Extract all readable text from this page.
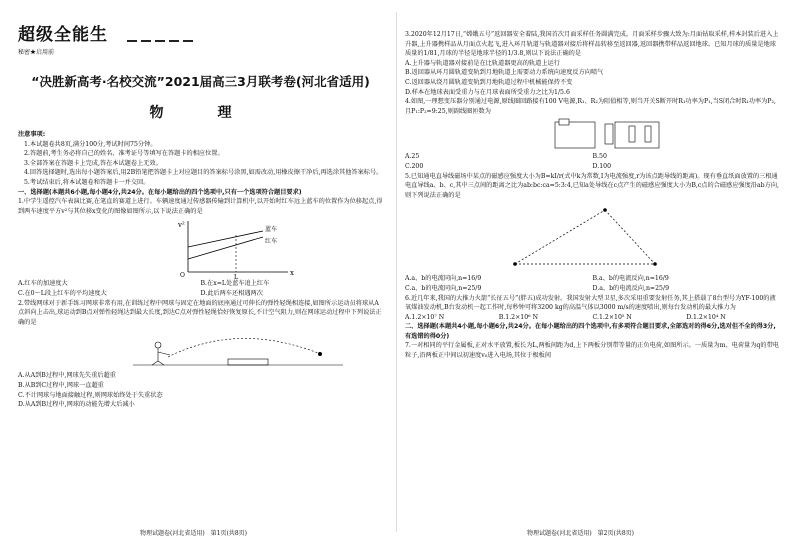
超级全能生
秘密★启用前
“决胜新高考·名校交流”2021届高三3月联考卷(河北省适用)
物　理

注意事项:

1.本试题卷共8页,满分100分,考试时间75分钟。

2.答题前,考生务必将自己的姓名、准考证号等填写在答题卡的相应位置。

3.全部答案在答题卡上完成,答在本试题卷上无效。

4.回答选择题时,选出每小题答案后,用2B铅笔把答题卡上对应题目的答案标号涂黑,如需改动,用橡皮擦干净后,再选涂其他答案标号。

5.考试结束后,将本试题卷和答题卡一并交回。

一、选择题(本题共6小题,每小题4分,共24分。在每小题给出的四个选项中,只有一个选项符合题目要求)

1.中学生遥控汽车表演比赛,在笔直的赛道上进行。车辆速度通过传感器传输到计算机中,以开始时红车远上蓝车的位置作为位移起点,得到两车速度平方v²与其位移x变化的图像如图所示,以下说法正确的是

v²
x
O	L
蓝车
红车

A.红车的加速度大	B.在x=L处蓝车追上红车

C.在0～L段上红车的平均速度大	D.此后两车还相遇两次

2.带线网球对于新手练习网球非常有用,在训练过程中网球与固定在地面的底座通过可伸长的弹性轻绳相连接,如图所示运动员将球从A点斜向上击出,球运动到B点对弹性轻绳达到最大长度,到达C点对弹性轻绳恰好恢复原长,不计空气阻力,则在网球运动过程中下列说法正确的是

A.从A到B过程中,网球先失重后超重

B.从B到C过程中,网球一直超重

C.不计网球与地面接触过程,则网球始终处于失重状态

D.从A到B过程中,网球的动能先增大后减小

物理试题卷(河北省适用)　第1页(共8页)

3.2020年12月17日,“嫦娥五号”返回器安全着陆,我国首次月面采样任务圆满完成。月面采样步骤大致为:月面钻取采样,样本封装后进入上升器,上升器携样品从月面点火起飞,进入环月轨道与轨道器对接后将样品转移至返回器,返回器携带样品返回地球。已知月球的质量是地球质量的1/81,月球的半径是地球半径的1/3.8,则以下说法正确的是

A.上升器与轨道器对接前是在比轨道器更高的轨道上运行

B.返回器从环月圆轨道变轨到月地轨道上需要动力系统向速度反方向喷气

C.返回器从绕月圆轨道变轨到月地轨道过程中机械能保持不变

D.样本在地球表面受重力与在月球表面所受重力之比为1/5.6

4.如图,一理想变压器分别通过电源,原线圈回路接有100 V电源,R₁、R₂为阻值相等,则当开关S断开时R₁功率为P₁,当S闭合时R₁功率为P₂,且P₁:P₂=9:25,则副线圈匝数为

A.25	B.50

C.200	D.100

5.已知通电直导线磁场中某点的磁感应强度大小为B=kI/r(式中k为常数,I为电流强度,r为该点距导线的距离)。现有垂直纸面放置的三根通电直导线a、b、c,其中三点间的距离之比为ab:bc:ca=5:3:4,已知a处导线在c点产生的磁感应强度大小为B,c点的合磁感应强度沿ab方向,则下列说法正确的是

A.a、b的电流同向,n=16/9	B.a、b的电流反向,n=16/9

C.a、b的电流同向,n=25/9	D.a、b的电流反向,n=25/9

6.近几年来,我国的大推力火箭“长征五号”(胖五)成功发射。我国发射大型卫星,多次采用重要发射任务,其上搭载了8台型号为YF-100的液氧煤油发动机,B台发动机一起工作时,每秒钟可将3200 kg的高温气体以3000 m/s的速度喷出,则每台发动机的最大推力为

A.1.2×10⁷ N	B.1.2×10⁶ N	C.1.2×10⁵ N	D.1.2×10⁴ N

二、选择题(本题共4小题,每小题6分,共24分。在每小题给出的四个选项中,有多项符合题目要求,全部选对的得6分,选对但不全的得3分,有选错的得0分)

7.一对相同的平行金属板,正对水平放置,板长为L,两板间距为d,上下两板分别带等量的正负电荷,如图所示。一质量为m、电荷量为q的带电粒子,沿两板正中间以初速度v₀进入电场,其位于极板间

物理试题卷(河北省适用)　第2页(共8页)
